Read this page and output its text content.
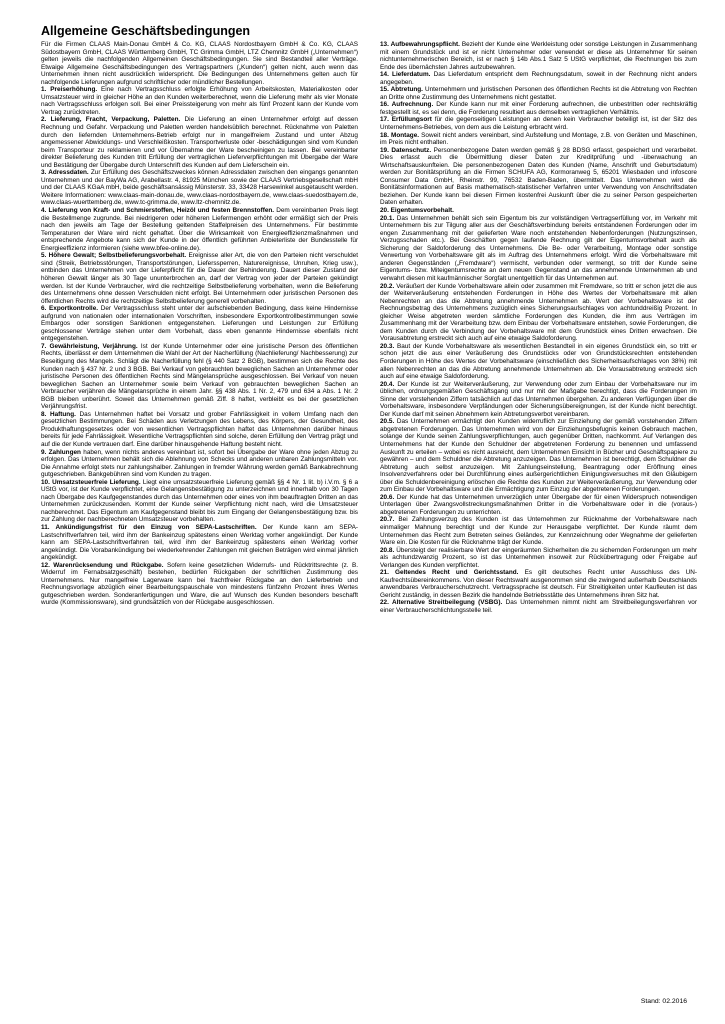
Allgemeine Geschäftsbedingungen

Für die Firmen CLAAS Main-Donau GmbH & Co. KG, CLAAS Nordostbayern GmbH & Co. KG, CLAAS Südostbayern GmbH, CLAAS Württemberg GmbH, TC Grimma GmbH, LTZ Chemnitz GmbH („Unternehmen“) gelten jeweils die nachfolgenden Allgemeinen Geschäftsbedingungen. Sie sind Bestandteil aller Verträge. Etwaige Allgemeine Geschäftsbedingungen des Vertragspartners („Kunden“) gelten nicht, auch wenn das Unternehmen ihnen nicht ausdrücklich widerspricht. Die Bedingungen des Unternehmens gelten auch für nachfolgende Lieferungen aufgrund schriftlicher oder mündlicher Bestellungen.

1. Preiserhöhung. Eine nach Vertragsschluss erfolgte Erhöhung von Arbeitskosten, Materialkosten oder Umsatzsteuer wird in gleicher Höhe an den Kunden weiterberechnet, wenn die Lieferung mehr als vier Monate nach Vertragsschluss erfolgen soll. Bei einer Preissteigerung von mehr als fünf Prozent kann der Kunde vom Vertrag zurücktreten.

2. Lieferung, Fracht, Verpackung, Paletten. Die Lieferung an einen Unternehmer erfolgt auf dessen Rechnung und Gefahr. Verpackung und Paletten werden handelsüblich berechnet. Rücknahme von Paletten durch den liefernden Unternehmens-Betrieb erfolgt nur in mangelfreiem Zustand und unter Abzug angemessener Abwicklungs- und Verschleißkosten. Transportverluste oder -beschädigungen sind vom Kunden beim Transporteur zu reklamieren und vor Übernahme der Ware bescheinigen zu lassen. Bei vereinbarter direkter Belieferung des Kunden tritt Erfüllung der vertraglichen Lieferverpflichtungen mit Übergabe der Ware und Bestätigung der Übergabe durch Unterschrift des Kunden auf dem Lieferschein ein.

3. Adressdaten. Zur Erfüllung des Geschäftszweckes können Adressdaten zwischen den eingangs genannten Unternehmen und der BayWa AG, Arabellastr. 4, 81925 München sowie der CLAAS Vertriebsgesellschaft mbH und der CLAAS KGaA mbH, beide geschäftsansässig Münsterstr. 33, 33428 Harsewinkel ausgetauscht werden. Weitere Informationen: www.claas-main-donau.de, www.claas-nordostbayern.de, www.claas-suedostbayern.de, www.claas-wuerttemberg.de, www.tc-grimma.de, www.ltz-chemnitz.de.

4. Lieferung von Kraft- und Schmierstoffen, Heizöl und festen Brennstoffen. Dem vereinbarten Preis liegt die Bestellmenge zugrunde. Bei niedrigeren oder höheren Liefermengen erhöht oder ermäßigt sich der Preis nach den jeweils am Tage der Bestellung geltenden Staffelpreisen des Unternehmens. Für bestimmte Temperaturen der Ware wird nicht gehaftet. Über die Wirksamkeit von Energieeffizienzmaßnahmen und entsprechende Angebote kann sich der Kunde in der öffentlich geführten Anbieterliste der Bundesstelle für Energieeffizienz informieren (siehe www.bfee-online.de).

5. Höhere Gewalt; Selbstbelieferungsvorbehalt. Ereignisse aller Art, die von den Parteien nicht verschuldet sind (Streik, Betriebsstörungen, Transportstörungen, Lieferssperren, Naturereignisse, Unruhen, Krieg usw.), entbinden das Unternehmen von der Lieferpflicht für die Dauer der Behinderung. Dauert dieser Zustand der höheren Gewalt länger als 30 Tage ununterbrochen an, darf der Vertrag von jeder der Parteien gekündigt werden. Ist der Kunde Verbraucher, wird die rechtzeitige Selbstbelieferung vorbehalten, wenn die Belieferung des Unternehmens ohne dessen Verschulden nicht erfolgt. Bei Unternehmern oder juristischen Personen des öffentlichen Rechts wird die rechtzeitige Selbstbelieferung generell vorbehalten.

6. Exportkontrolle. Der Vertragsschluss steht unter der aufschiebenden Bedingung, dass keine Hindernisse aufgrund von nationalen oder internationalen Vorschriften, insbesondere Exportkontrollbestimmungen sowie Embargos oder sonstigen Sanktionen entgegenstehen. Lieferungen und Leistungen zur Erfüllung geschlossener Verträge stehen unter dem Vorbehalt, dass eben genannte Hindernisse ebenfalls nicht entgegenstehen.

7. Gewährleistung, Verjährung. Ist der Kunde Unternehmer oder eine juristische Person des öffentlichen Rechts, überlässt er dem Unternehmen die Wahl der Art der Nacherfüllung (Nachlieferung/ Nachbesserung) zur Beseitigung des Mangels. Schlägt die Nacherfüllung fehl (§ 440 Satz 2 BGB), bestimmen sich die Rechte des Kunden nach § 437 Nr. 2 und 3 BGB. Bei Verkauf von gebrauchten beweglichen Sachen an Unternehmer oder juristische Personen des öffentlichen Rechts sind Mängelansprüche ausgeschlossen. Bei Verkauf von neuen beweglichen Sachen an Unternehmer sowie beim Verkauf von gebrauchten beweglichen Sachen an Verbraucher verjähren die Mängelansprüche in einem Jahr. §§ 438 Abs. 1 Nr. 2, 479 und 634 a Abs. 1 Nr. 2 BGB bleiben unberührt. Soweit das Unternehmen gemäß Ziff. 8 haftet, verbleibt es bei der gesetzlichen Verjährungsfrist.

8. Haftung. Das Unternehmen haftet bei Vorsatz und grober Fahrlässigkeit in vollem Umfang nach den gesetzlichen Bestimmungen. Bei Schäden aus Verletzungen des Lebens, des Körpers, der Gesundheit, des Produkthaftungsgesetzes oder von wesentlichen Vertragspflichten haftet das Unternehmen darüber hinaus bereits für jede Fahrlässigkeit. Wesentliche Vertragspflichten sind solche, deren Erfüllung den Vertrag prägt und auf die der Kunde vertrauen darf. Eine darüber hinausgehende Haftung besteht nicht.

9. Zahlungen haben, wenn nichts anderes vereinbart ist, sofort bei Übergabe der Ware ohne jeden Abzug zu erfolgen. Das Unternehmen behält sich die Ablehnung von Schecks und anderen unbaren Zahlungsmitteln vor. Die Annahme erfolgt stets nur zahlungshalber. Zahlungen in fremder Währung werden gemäß Bankabrechnung gutgeschrieben. Bankgebühren sind vom Kunden zu tragen.

10. Umsatzsteuerfreie Lieferung. Liegt eine umsatzsteuerfreie Lieferung gemäß §§ 4 Nr. 1 lit. b) i.V.m. § 6 a UStG vor, ist der Kunde verpflichtet, eine Gelangensbestätigung zu unterzeichnen und innerhalb von 30 Tagen nach Übergabe des Kaufgegenstandes durch das Unternehmen oder eines von ihm beauftragten Dritten an das Unternehmen zurückzusenden. Kommt der Kunde seiner Verpflichtung nicht nach, wird die Umsatzsteuer nachberechnet. Das Eigentum am Kaufgegenstand bleibt bis zum Eingang der Gelangensbestätigung bzw. bis zur Zahlung der nachberechneten Umsatzsteuer vorbehalten.

11. Ankündigungsfrist für den Einzug von SEPA-Lastschriften. Der Kunde kann am SEPA-Lastschriftverfahren teil, wird ihm der Bankeinzug spätestens einen Werktag vorher angekündigt. Der Kunde kann am SEPA-Lastschriftverfahren teil, wird ihm der Bankeinzug spätestens einen Werktag vorher angekündigt. Die Vorabankündigung bei wiederkehrender Zahlungen mit gleichen Beträgen wird einmal jährlich angekündigt.

12. Warenrücksendung und Rückgabe. Sofern keine gesetzlichen Widerrufs- und Rücktrittsrechte (z. B. Widerruf im Fernabsatzgeschäft) bestehen, bedürfen Rückgaben der schriftlichen Zustimmung des Unternehmens. Nur mangelfreie Lagerware kann bei frachtfreier Rückgabe an den Lieferbetrieb und Rechnungsvorlage abzüglich einer Bearbeitungspauschale von mindestens fünfzehn Prozent ihres Wertes gutgeschrieben werden. Sonderanfertigungen und Ware, die auf Wunsch des Kunden besonders beschafft wurde (Kommissionsware), sind grundsätzlich von der Rückgabe ausgeschlossen.

13. Aufbewahrungspflicht. Bezieht der Kunde eine Werkleistung oder sonstige Leistungen in Zusammenhang mit einem Grundstück und ist er nicht Unternehmer oder verwendet er diese als Unternehmer für seinen nichtunternehmerischen Bereich, ist er nach § 14b Abs.1 Satz 5 UStG verpflichtet, die Rechnungen bis zum Ende des übernächsten Jahres aufzubewahren.

14. Lieferdatum. Das Lieferdatum entspricht dem Rechnungsdatum, soweit in der Rechnung nicht anders angegeben.

15. Abtretung. Unternehmern und juristischen Personen des öffentlichen Rechts ist die Abtretung von Rechten an Dritte ohne Zustimmung des Unternehmens nicht gestattet.

16. Aufrechnung. Der Kunde kann nur mit einer Forderung aufrechnen, die unbestritten oder rechtskräftig festgestellt ist, es sei denn, die Forderung resultiert aus demselben vertraglichen Verhältnis.

17. Erfüllungsort für die gegenseitigen Leistungen an denen kein Verbraucher beteiligt ist, ist der Sitz des Unternehmens-Betriebes, von dem aus die Leistung erbracht wird.

18. Montage. Soweit nicht anders vereinbart, sind Aufstellung und Montage, z.B. von Geräten und Maschinen, im Preis nicht enthalten.

19. Datenschutz. Personenbezogene Daten werden gemäß § 28 BDSG erfasst, gespeichert und verarbeitet. Dies erfasst auch die Übermittlung dieser Daten zur Kreditprüfung und -überwachung an Wirtschaftsauskunfteien. Die personenbezogenen Daten des Kunden (Name, Anschrift und Geburtsdatum) werden zur Bonitätsprüfung an die Firmen SCHUFA AG, Kormoranweg 5, 65201 Wiesbaden und infoscore Consumer Data GmbH, Rheinstr. 99, 76532 Baden-Baden, übermittelt. Das Unternehmen wird die Bonitätsinformationen auf Basis mathematisch-statistischer Verfahren unter Verwendung von Anschriftsdaten beziehen. Der Kunde kann bei diesen Firmen kostenfrei Auskunft über die zu seiner Person gespeicherten Daten erhalten.

20. Eigentumsvorbehalt.

20.1. Das Unternehmen behält sich sein Eigentum bis zur vollständigen Vertragserfüllung vor, im Verkehr mit Unternehmern bis zur Tilgung aller aus der Geschäftsverbindung bereits entstandenen Forderungen oder im engen Zusammenhang mit der gelieferten Ware noch entstehenden Nebenforderungen (Nutzungszinsen, Verzugsschaden etc.). Bei Geschäften gegen laufende Rechnung gilt der Eigentumsvorbehalt auch als Sicherung der Saldoforderung des Unternehmens. Die Be- oder Verarbeitung, Montage oder sonstige Verwertung von Vorbehaltsware gilt als im Auftrag des Unternehmens erfolgt. Wird die Vorbehaltsware mit anderen Gegenständen („Fremdware“) vermischt, verbunden oder vermengt, so tritt der Kunde seine Eigentums- bzw. Miteigentumsrechte an dem neuen Gegenstand an das annehmende Unternehmen ab und verwahrt diesen mit kaufmännischer Sorgfalt unentgeltlich für das Unternehmen auf.

20.2. Veräußert der Kunde Vorbehaltsware allein oder zusammen mit Fremdware, so tritt er schon jetzt die aus der Weiterveräußerung entstehenden Forderungen in Höhe des Wertes der Vorbehaltsware mit allen Nebenrechten an das die Abtretung annehmende Unternehmen ab. Wert der Vorbehaltsware ist der Rechnungsbetrag des Unternehmens zuzüglich eines Sicherungsaufschlages von achtunddreißig Prozent. In gleicher Weise abgetreten werden sämtliche Forderungen des Kunden, die ihm aus Verträgen im Zusammenhang mit der Verarbeitung bzw. dem Einbau der Vorbehaltsware entstehen, sowie Forderungen, die dem Kunden durch die Verbindung der Vorbehaltsware mit dem Grundstück eines Dritten erwachsen. Die Vorausabtretung erstreckt sich auch auf eine etwaige Saldoforderung.

20.3. Baut der Kunde Vorbehaltsware als wesentlichen Bestandteil in ein eigenes Grundstück ein, so tritt er schon jetzt die aus einer Veräußerung des Grundstücks oder von Grundstücksrechten entstehenden Forderungen in Höhe des Wertes der Vorbehaltsware (einschließlich des Sicherheitsaufschlages von 38%) mit allen Nebenrechten an das die Abtretung annehmende Unternehmen ab. Die Vorausabtretung erstreckt sich auch auf eine etwaige Saldoforderung.

20.4. Der Kunde ist zur Weiterveräußerung, zur Verwendung oder zum Einbau der Vorbehaltsware nur im üblichen, ordnungsgemäßen Geschäftsgang und nur mit der Maßgabe berechtigt, dass die Forderungen im Sinne der vorstehenden Ziffern tatsächlich auf das Unternehmen übergehen. Zu anderen Verfügungen über die Vorbehaltsware, insbesondere Verpfändungen oder Sicherungsübereignungen, ist der Kunde nicht berechtigt. Der Kunde darf mit seinen Abnehmern kein Abtretungsverbot vereinbaren.

20.5. Das Unternehmen ermächtigt den Kunden widerruflich zur Einziehung der gemäß vorstehenden Ziffern abgetretenen Forderungen. Das Unternehmen wird von der Einziehungsbefugnis keinen Gebrauch machen, solange der Kunde seinen Zahlungsverpflichtungen, auch gegenüber Dritten, nachkommt. Auf Verlangen des Unternehmens hat der Kunde den Schuldner der abgetretenen Forderung zu benennen und umfassend Auskunft zu erteilen – wobei es nicht ausreicht, dem Unternehmen Einsicht in Bücher und Geschäftspapiere zu gewähren – und dem Schuldner die Abtretung anzuzeigen. Das Unternehmen ist berechtigt, dem Schuldner die Abtretung auch selbst anzuzeigen. Mit Zahlungseinstellung, Beantragung oder Eröffnung eines Insolvenzverfahrens oder bei Durchführung eines außergerichtlichen Einigungsversuches mit den Gläubigern über die Schuldenbereinigung erlöschen die Rechte des Kunden zur Weiterveräußerung, zur Verwendung oder zum Einbau der Vorbehaltsware und die Ermächtigung zum Einzug der abgetretenen Forderungen.

20.6. Der Kunde hat das Unternehmen unverzüglich unter Übergabe der für einen Widerspruch notwendigen Unterlagen über Zwangsvollstreckungsmaßnahmen Dritter in die Vorbehaltsware oder in die (voraus-) abgetretenen Forderungen zu unterrichten.

20.7. Bei Zahlungsverzug des Kunden ist das Unternehmen zur Rücknahme der Vorbehaltsware nach einmaliger Mahnung berechtigt und der Kunde zur Herausgabe verpflichtet. Der Kunde räumt dem Unternehmen das Recht zum Betreten seines Geländes, zur Kennzeichnung oder Wegnahme der gelieferten Ware ein. Die Kosten für die Rücknahme trägt der Kunde.

20.8. Übersteigt der realisierbare Wert der eingeräumten Sicherheiten die zu sichernden Forderungen um mehr als achtundzwanzig Prozent, so ist das Unternehmen insoweit zur Rückübertragung oder Freigabe auf Verlangen des Kunden verpflichtet.

21. Geltendes Recht und Gerichtsstand. Es gilt deutsches Recht unter Ausschluss des UN-Kaufrechtsübereinkommens. Von dieser Rechtswahl ausgenommen sind die zwingend außerhalb Deutschlands anwendbares Verbraucherschutzrecht. Vertragssprache ist deutsch. Für Streitigkeiten unter Kaufleuten ist das Gericht zuständig, in dessen Bezirk die handelnde Betriebsstätte des Unternehmens ihren Sitz hat.

22. Alternative Streitbeilegung (VSBG). Das Unternehmen nimmt nicht am Streitbeilegungsverfahren vor einer Verbraucherschlichtungsstelle teil.

Stand: 02.2016
